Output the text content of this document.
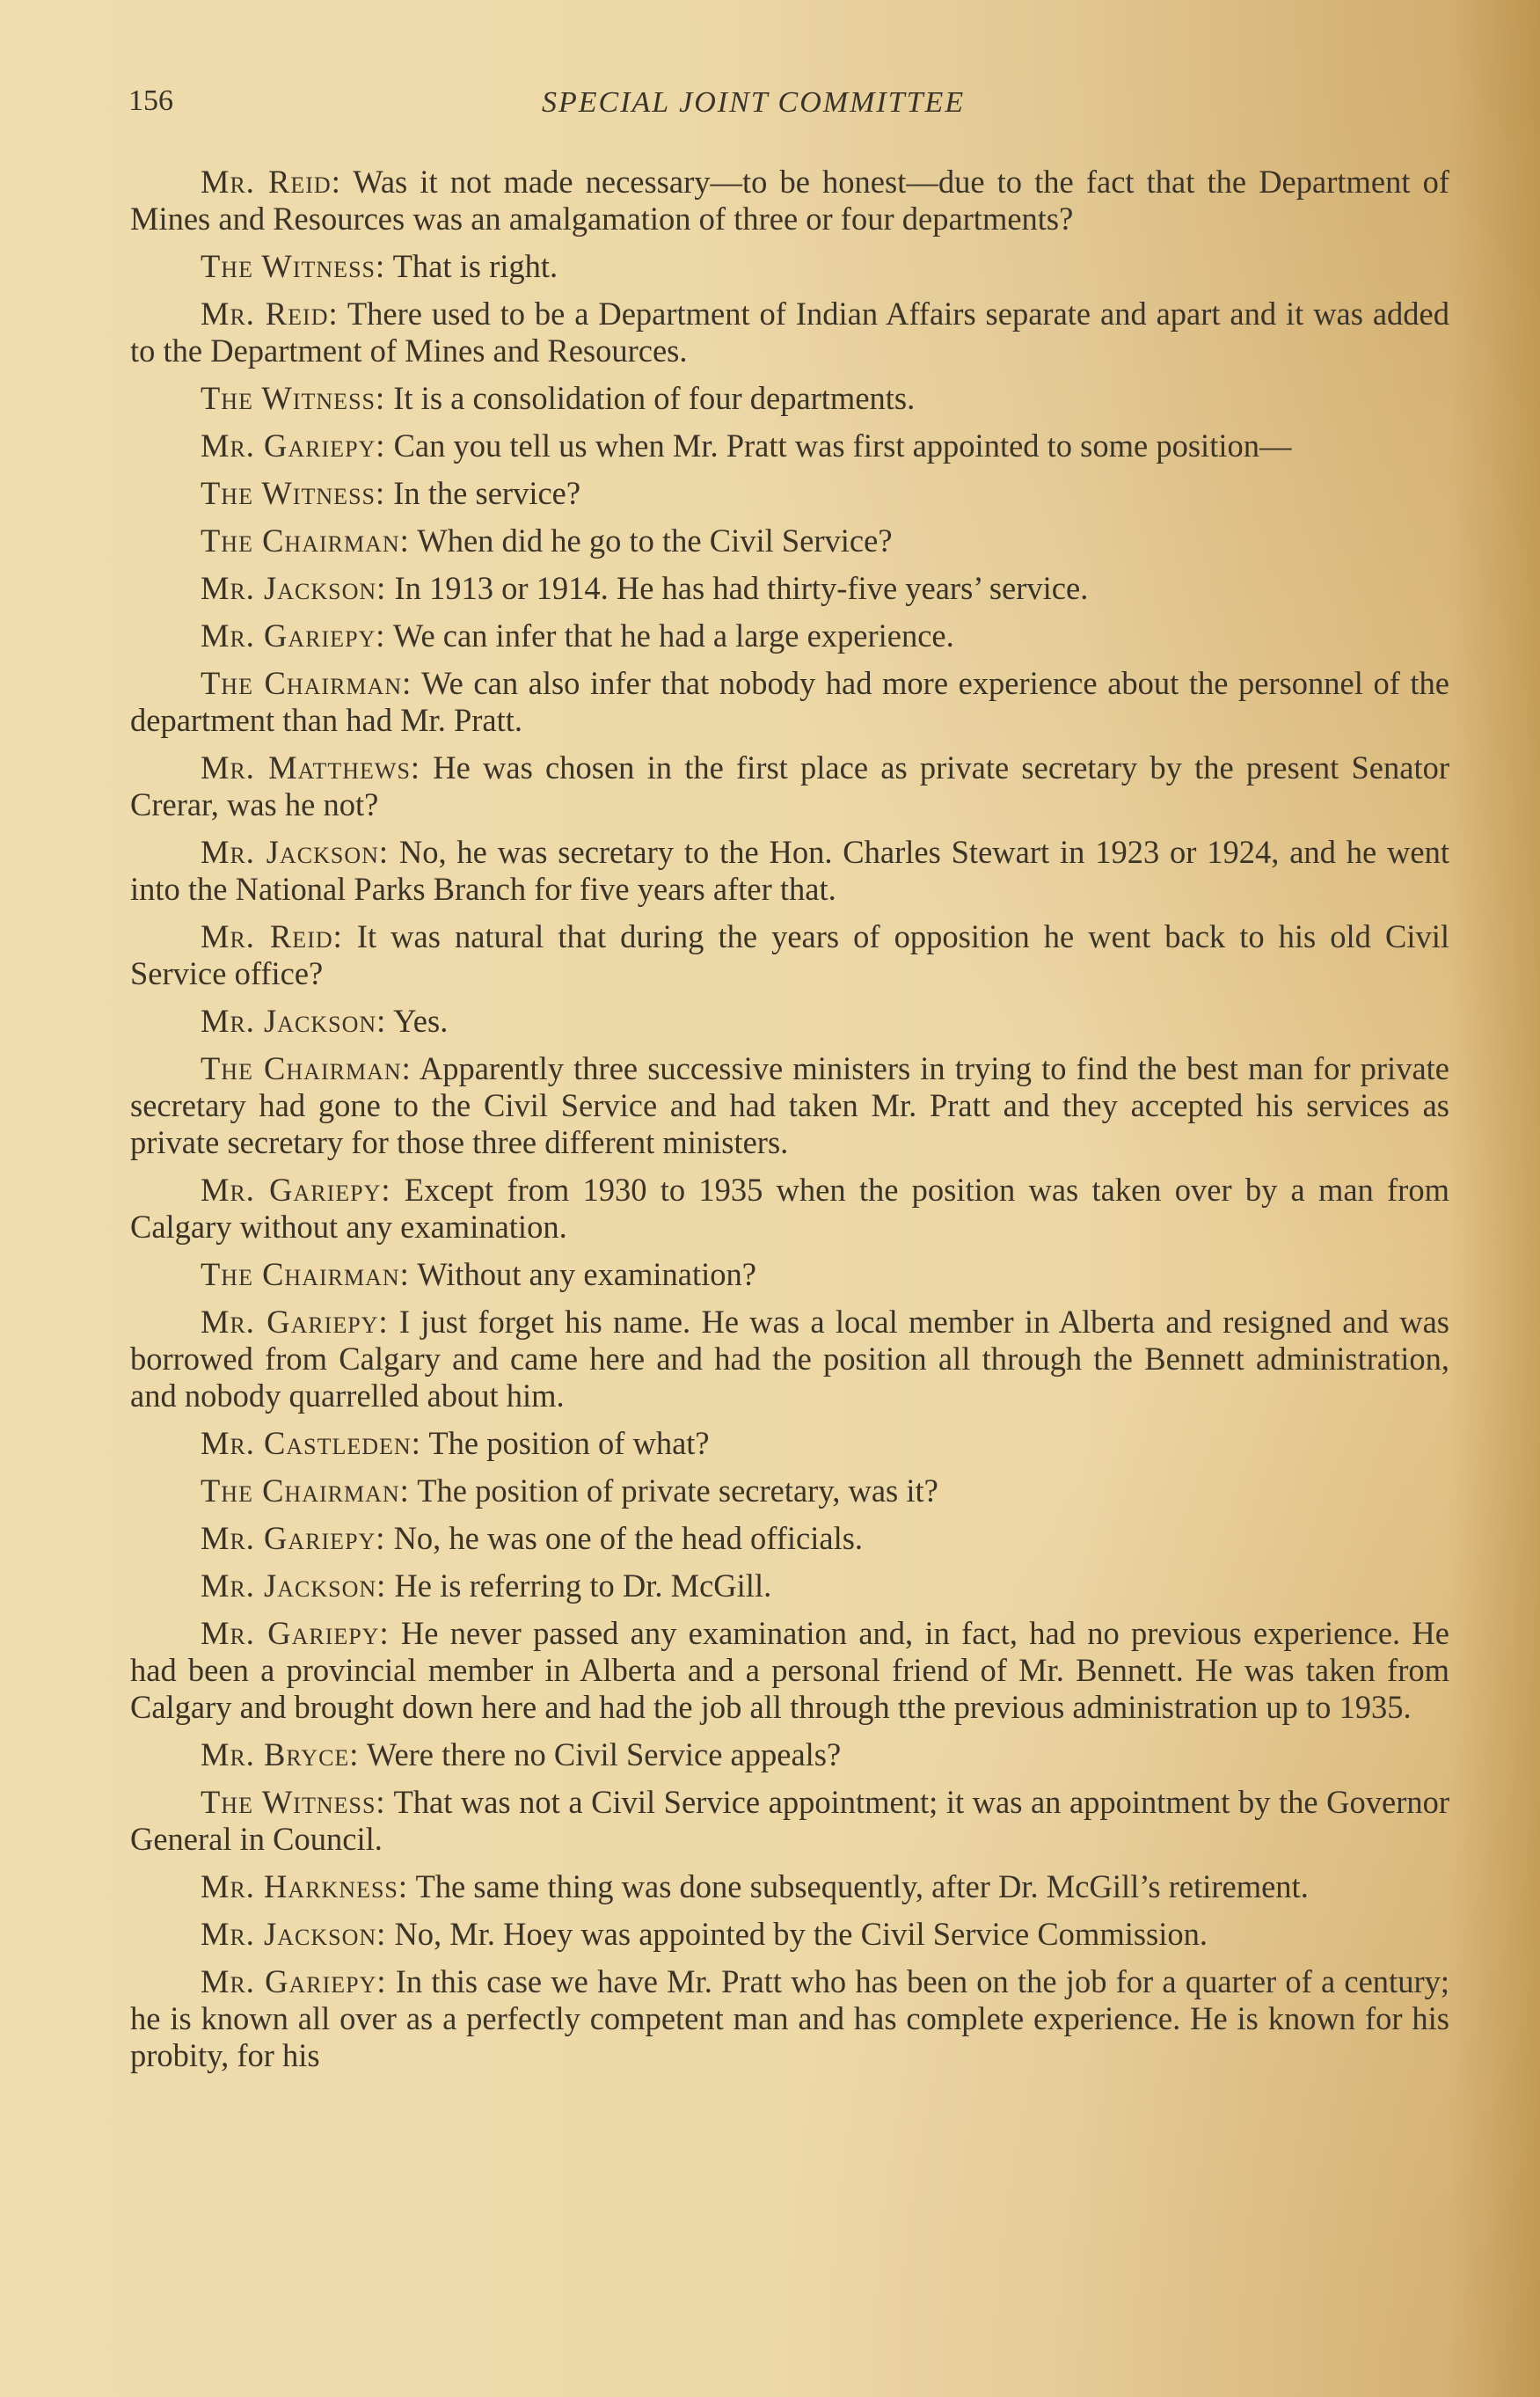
156	SPECIAL JOINT COMMITTEE

Mr. Reid: Was it not made necessary—to be honest—due to the fact that the Department of Mines and Resources was an amalgamation of three or four departments?

The Witness: That is right.

Mr. Reid: There used to be a Department of Indian Affairs separate and apart and it was added to the Department of Mines and Resources.

The Witness: It is a consolidation of four departments.

Mr. Gariepy: Can you tell us when Mr. Pratt was first appointed to some position—

The Witness: In the service?

The Chairman: When did he go to the Civil Service?

Mr. Jackson: In 1913 or 1914. He has had thirty-five years’ service.

Mr. Gariepy: We can infer that he had a large experience.

The Chairman: We can also infer that nobody had more experience about the personnel of the department than had Mr. Pratt.

Mr. Matthews: He was chosen in the first place as private secretary by the present Senator Crerar, was he not?

Mr. Jackson: No, he was secretary to the Hon. Charles Stewart in 1923 or 1924, and he went into the National Parks Branch for five years after that.

Mr. Reid: It was natural that during the years of opposition he went back to his old Civil Service office?

Mr. Jackson: Yes.

The Chairman: Apparently three successive ministers in trying to find the best man for private secretary had gone to the Civil Service and had taken Mr. Pratt and they accepted his services as private secretary for those three different ministers.

Mr. Gariepy: Except from 1930 to 1935 when the position was taken over by a man from Calgary without any examination.

The Chairman: Without any examination?

Mr. Gariepy: I just forget his name. He was a local member in Alberta and resigned and was borrowed from Calgary and came here and had the position all through the Bennett administration, and nobody quarrelled about him.

Mr. Castleden: The position of what?

The Chairman: The position of private secretary, was it?

Mr. Gariepy: No, he was one of the head officials.

Mr. Jackson: He is referring to Dr. McGill.

Mr. Gariepy: He never passed any examination and, in fact, had no previous experience. He had been a provincial member in Alberta and a personal friend of Mr. Bennett. He was taken from Calgary and brought down here and had the job all through tthe previous administration up to 1935.

Mr. Bryce: Were there no Civil Service appeals?

The Witness: That was not a Civil Service appointment; it was an appointment by the Governor General in Council.

Mr. Harkness: The same thing was done subsequently, after Dr. McGill’s retirement.

Mr. Jackson: No, Mr. Hoey was appointed by the Civil Service Commission.

Mr. Gariepy: In this case we have Mr. Pratt who has been on the job for a quarter of a century; he is known all over as a perfectly competent man and has complete experience. He is known for his probity, for his
